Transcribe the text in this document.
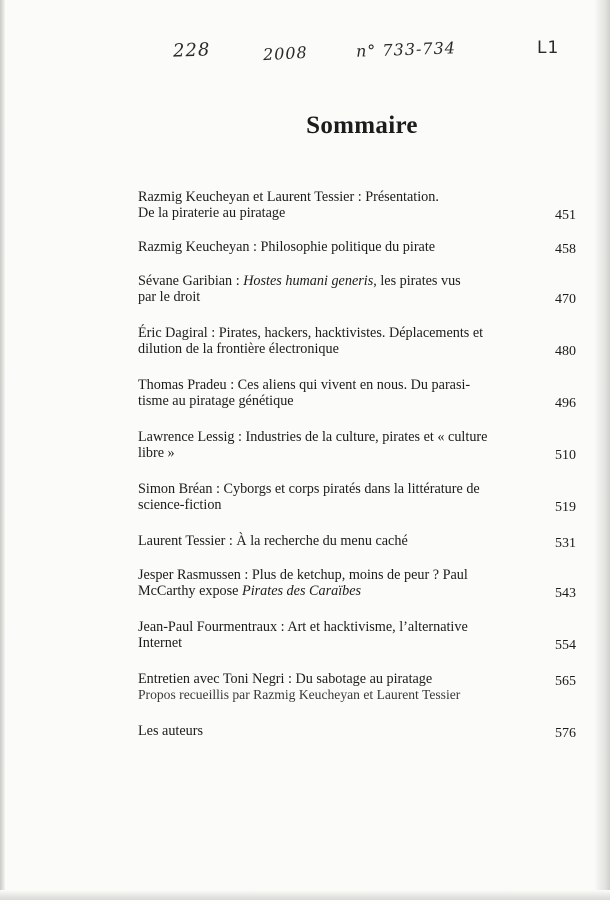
228	2008	n° 733-734	L1
Sommaire
Razmig Keucheyan et Laurent Tessier : Présentation.
De la piraterie au piratage	451
Razmig Keucheyan : Philosophie politique du pirate	458
Sévane Garibian : Hostes humani generis, les pirates vus
par le droit	470
Éric Dagiral : Pirates, hackers, hacktivistes. Déplacements et
dilution de la frontière électronique	480
Thomas Pradeu : Ces aliens qui vivent en nous. Du parasi-
tisme au piratage génétique	496
Lawrence Lessig : Industries de la culture, pirates et « culture
libre »	510
Simon Bréan : Cyborgs et corps piratés dans la littérature de
science-fiction	519
Laurent Tessier : À la recherche du menu caché	531
Jesper Rasmussen : Plus de ketchup, moins de peur ? Paul
McCarthy expose Pirates des Caraïbes	543
Jean-Paul Fourmentraux : Art et hacktivisme, l’alternative
Internet	554
Entretien avec Toni Negri : Du sabotage au piratage
Propos recueillis par Razmig Keucheyan et Laurent Tessier
565
Les auteurs	576
